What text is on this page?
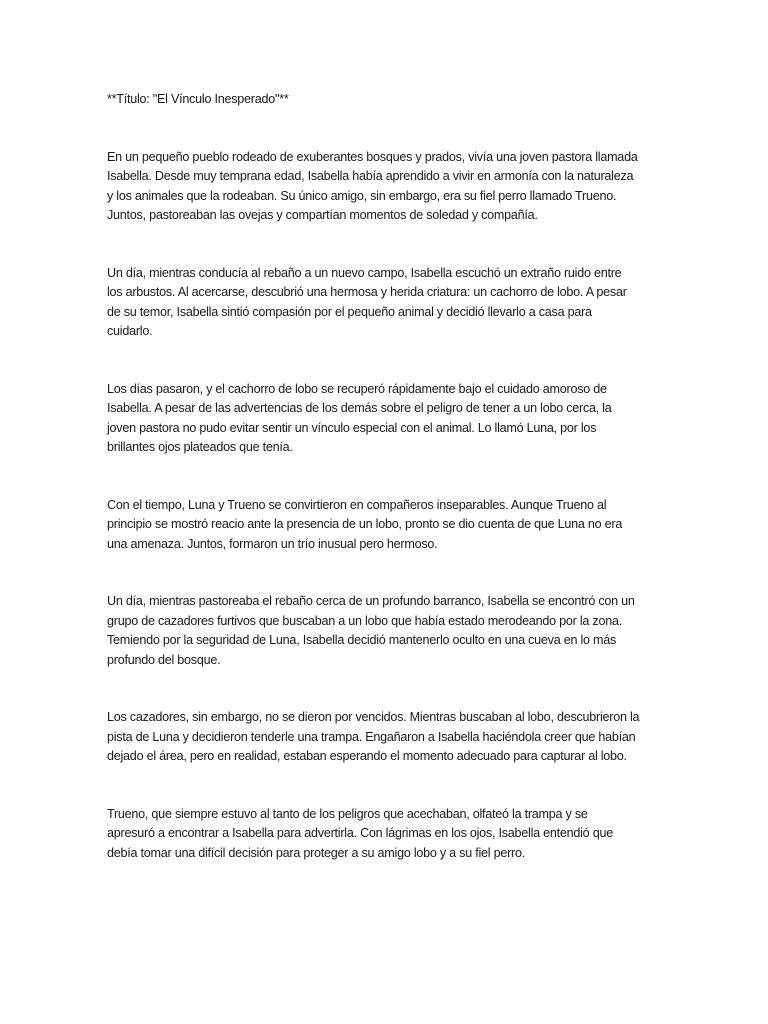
**Título: "El Vínculo Inesperado"**
En un pequeño pueblo rodeado de exuberantes bosques y prados, vivía una joven pastora llamada
Isabella. Desde muy temprana edad, Isabella había aprendido a vivir en armonía con la naturaleza
y los animales que la rodeaban. Su único amigo, sin embargo, era su fiel perro llamado Trueno.
Juntos, pastoreaban las ovejas y compartían momentos de soledad y compañía.
Un día, mientras conducía al rebaño a un nuevo campo, Isabella escuchó un extraño ruido entre
los arbustos. Al acercarse, descubrió una hermosa y herida criatura: un cachorro de lobo. A pesar
de su temor, Isabella sintió compasión por el pequeño animal y decidió llevarlo a casa para
cuidarlo.
Los días pasaron, y el cachorro de lobo se recuperó rápidamente bajo el cuidado amoroso de
Isabella. A pesar de las advertencias de los demás sobre el peligro de tener a un lobo cerca, la
joven pastora no pudo evitar sentir un vínculo especial con el animal. Lo llamó Luna, por los
brillantes ojos plateados que tenía.
Con el tiempo, Luna y Trueno se convirtieron en compañeros inseparables. Aunque Trueno al
principio se mostró reacio ante la presencia de un lobo, pronto se dio cuenta de que Luna no era
una amenaza. Juntos, formaron un trío inusual pero hermoso.
Un día, mientras pastoreaba el rebaño cerca de un profundo barranco, Isabella se encontró con un
grupo de cazadores furtivos que buscaban a un lobo que había estado merodeando por la zona.
Temiendo por la seguridad de Luna, Isabella decidió mantenerlo oculto en una cueva en lo más
profundo del bosque.
Los cazadores, sin embargo, no se dieron por vencidos. Mientras buscaban al lobo, descubrieron la
pista de Luna y decidieron tenderle una trampa. Engañaron a Isabella haciéndola creer que habían
dejado el área, pero en realidad, estaban esperando el momento adecuado para capturar al lobo.
Trueno, que siempre estuvo al tanto de los peligros que acechaban, olfateó la trampa y se
apresuró a encontrar a Isabella para advertirla. Con lágrimas en los ojos, Isabella entendió que
debía tomar una difícil decisión para proteger a su amigo lobo y a su fiel perro.
